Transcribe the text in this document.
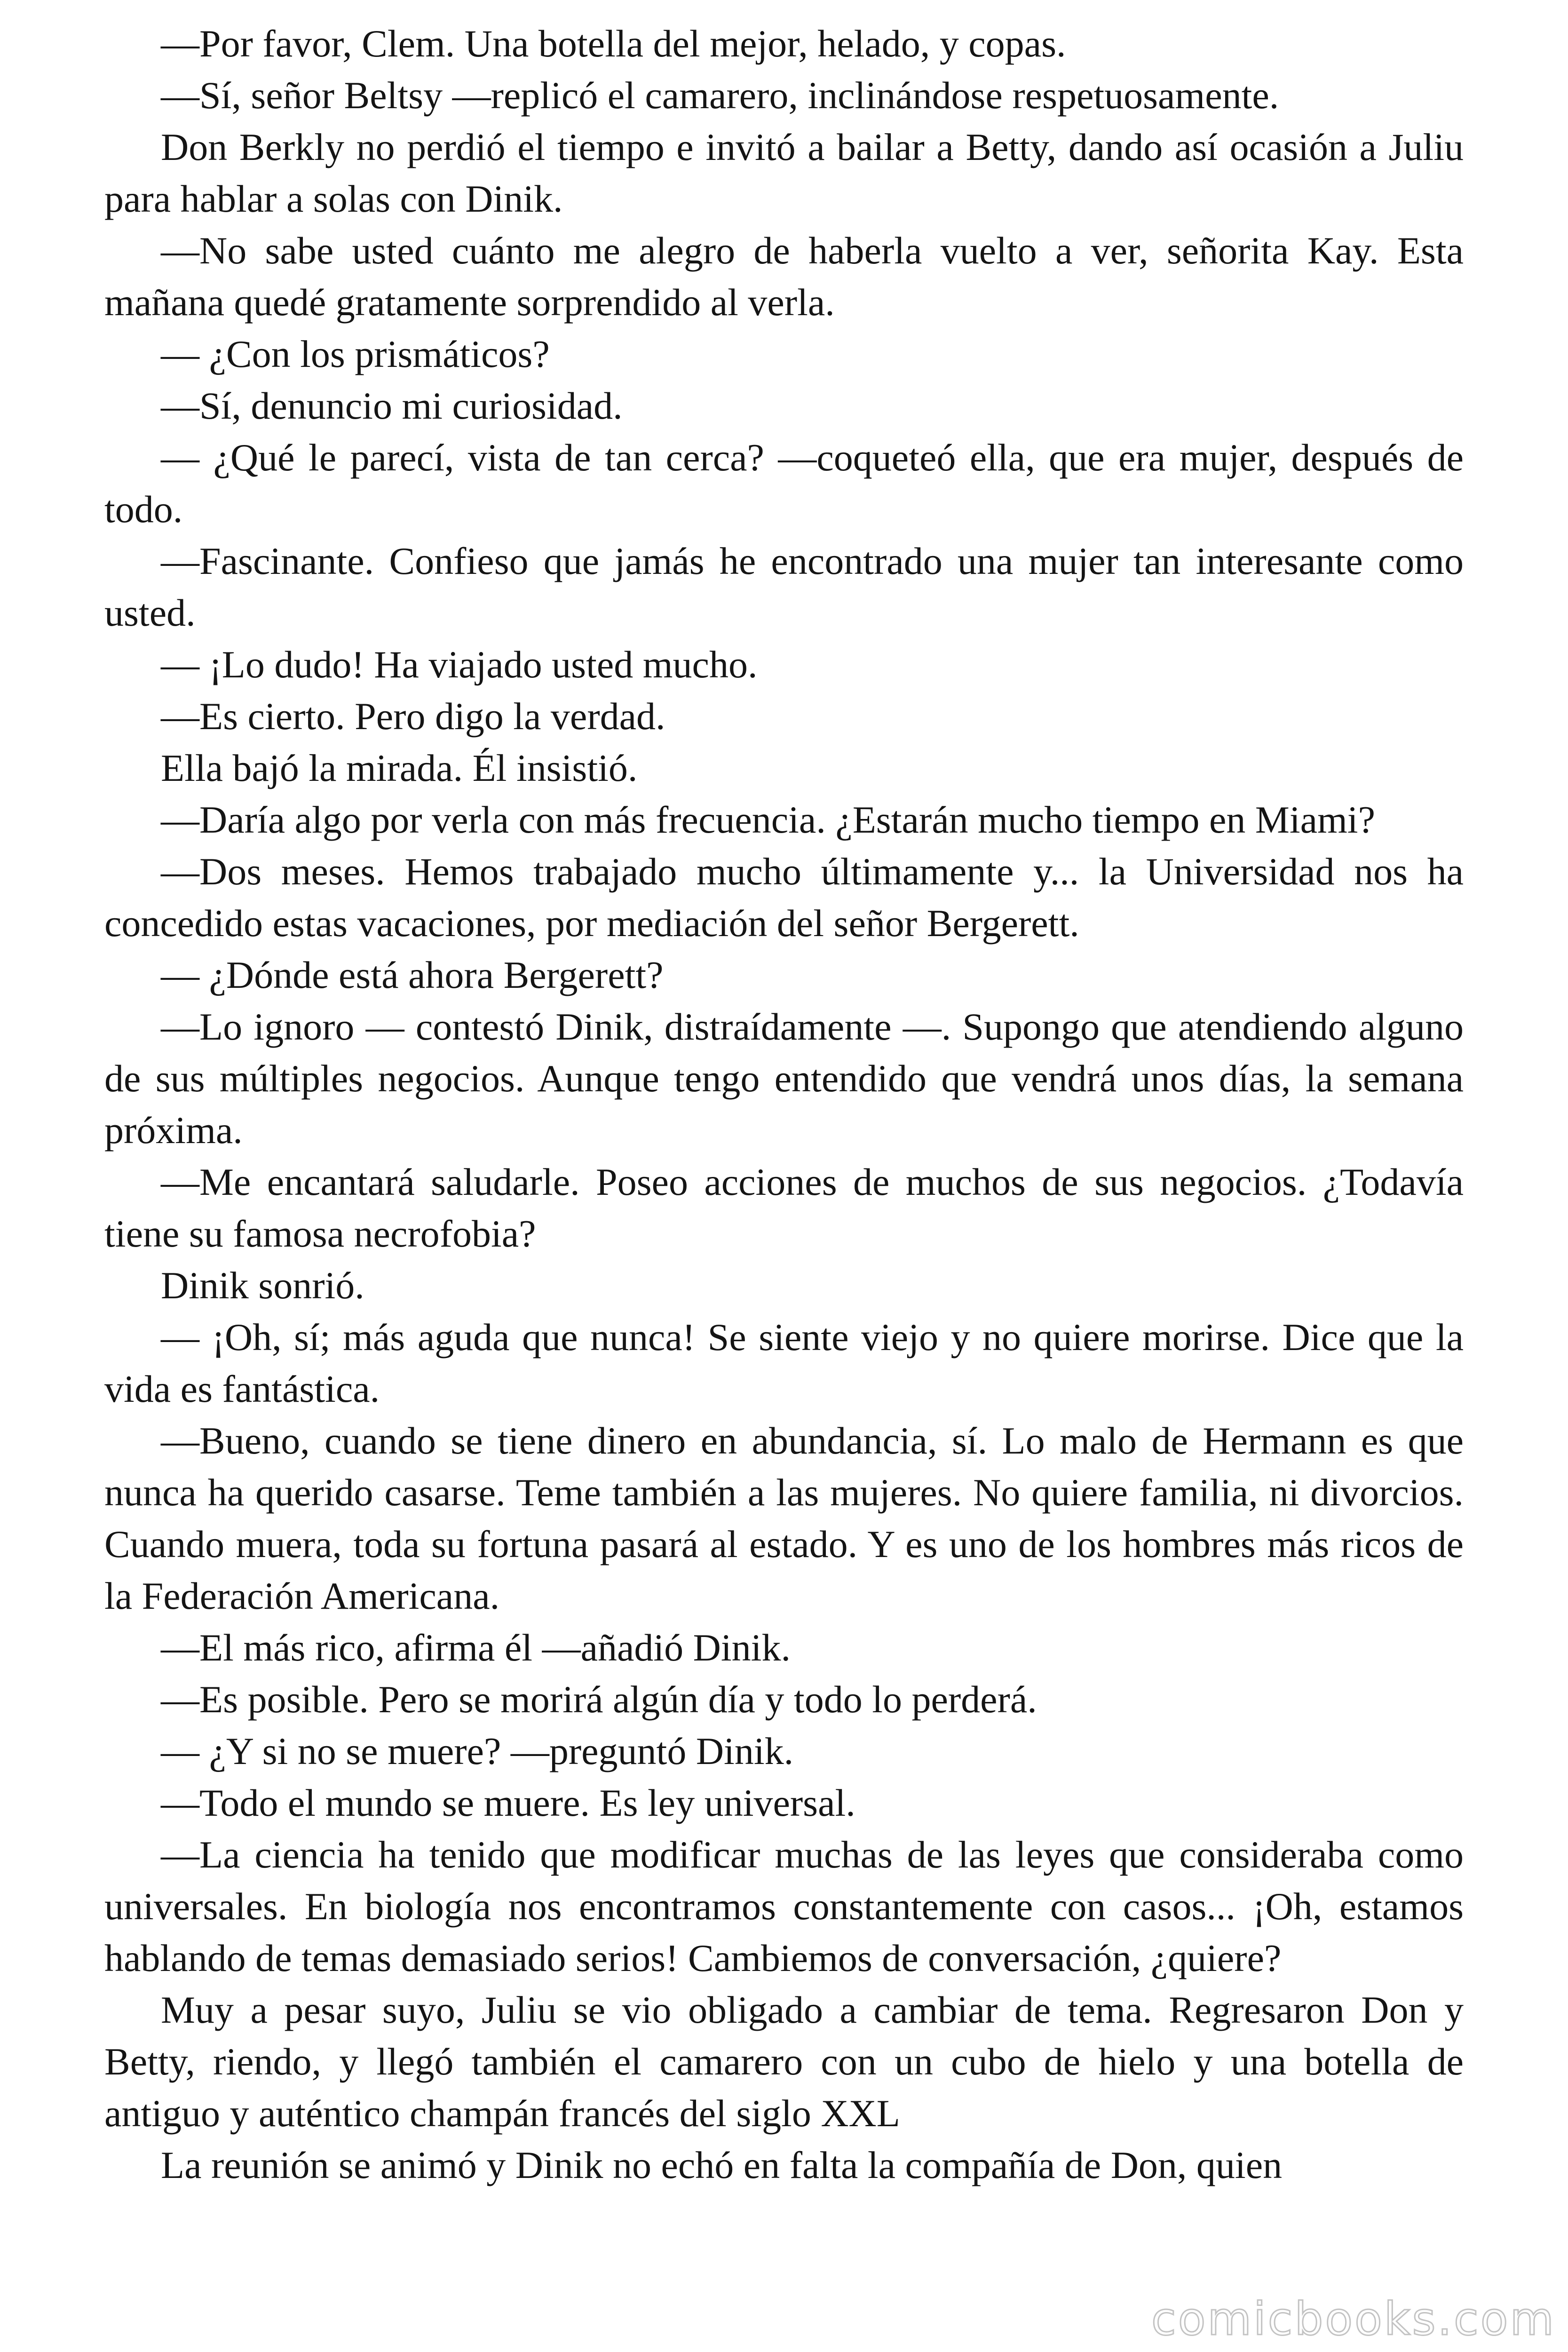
—Por favor, Clem. Una botella del mejor, helado, y copas.

—Sí, señor Beltsy —replicó el camarero, inclinándose respetuosamente.

Don Berkly no perdió el tiempo e invitó a bailar a Betty, dando así ocasión a Juliu para hablar a solas con Dinik.

—No sabe usted cuánto me alegro de haberla vuelto a ver, señorita Kay. Esta mañana quedé gratamente sorprendido al verla.

— ¿Con los prismáticos?

—Sí, denuncio mi curiosidad.

— ¿Qué le parecí, vista de tan cerca? —coqueteó ella, que era mujer, después de todo.

—Fascinante. Confieso que jamás he encontrado una mujer tan interesante como usted.

— ¡Lo dudo! Ha viajado usted mucho.

—Es cierto. Pero digo la verdad.

Ella bajó la mirada. Él insistió.

—Daría algo por verla con más frecuencia. ¿Estarán mucho tiempo en Miami?

—Dos meses. Hemos trabajado mucho últimamente y... la Universidad nos ha concedido estas vacaciones, por mediación del señor Bergerett.

— ¿Dónde está ahora Bergerett?

—Lo ignoro — contestó Dinik, distraídamente —. Supongo que atendiendo alguno de sus múltiples negocios. Aunque tengo entendido que vendrá unos días, la semana próxima.

—Me encantará saludarle. Poseo acciones de muchos de sus negocios. ¿Todavía tiene su famosa necrofobia?

Dinik sonrió.

— ¡Oh, sí; más aguda que nunca! Se siente viejo y no quiere morirse. Dice que la vida es fantástica.

—Bueno, cuando se tiene dinero en abundancia, sí. Lo malo de Hermann es que nunca ha querido casarse. Teme también a las mujeres. No quiere familia, ni divorcios. Cuando muera, toda su fortuna pasará al estado. Y es uno de los hombres más ricos de la Federación Americana.

—El más rico, afirma él —añadió Dinik.

—Es posible. Pero se morirá algún día y todo lo perderá.

— ¿Y si no se muere? —preguntó Dinik.

—Todo el mundo se muere. Es ley universal.

—La ciencia ha tenido que modificar muchas de las leyes que consideraba como universales. En biología nos encontramos constantemente con casos... ¡Oh, estamos hablando de temas demasiado serios! Cambiemos de conversación, ¿quiere?

Muy a pesar suyo, Juliu se vio obligado a cambiar de tema. Regresaron Don y Betty, riendo, y llegó también el camarero con un cubo de hielo y una botella de antiguo y auténtico champán francés del siglo XXL

La reunión se animó y Dinik no echó en falta la compañía de Don, quien

comicbooks.com
